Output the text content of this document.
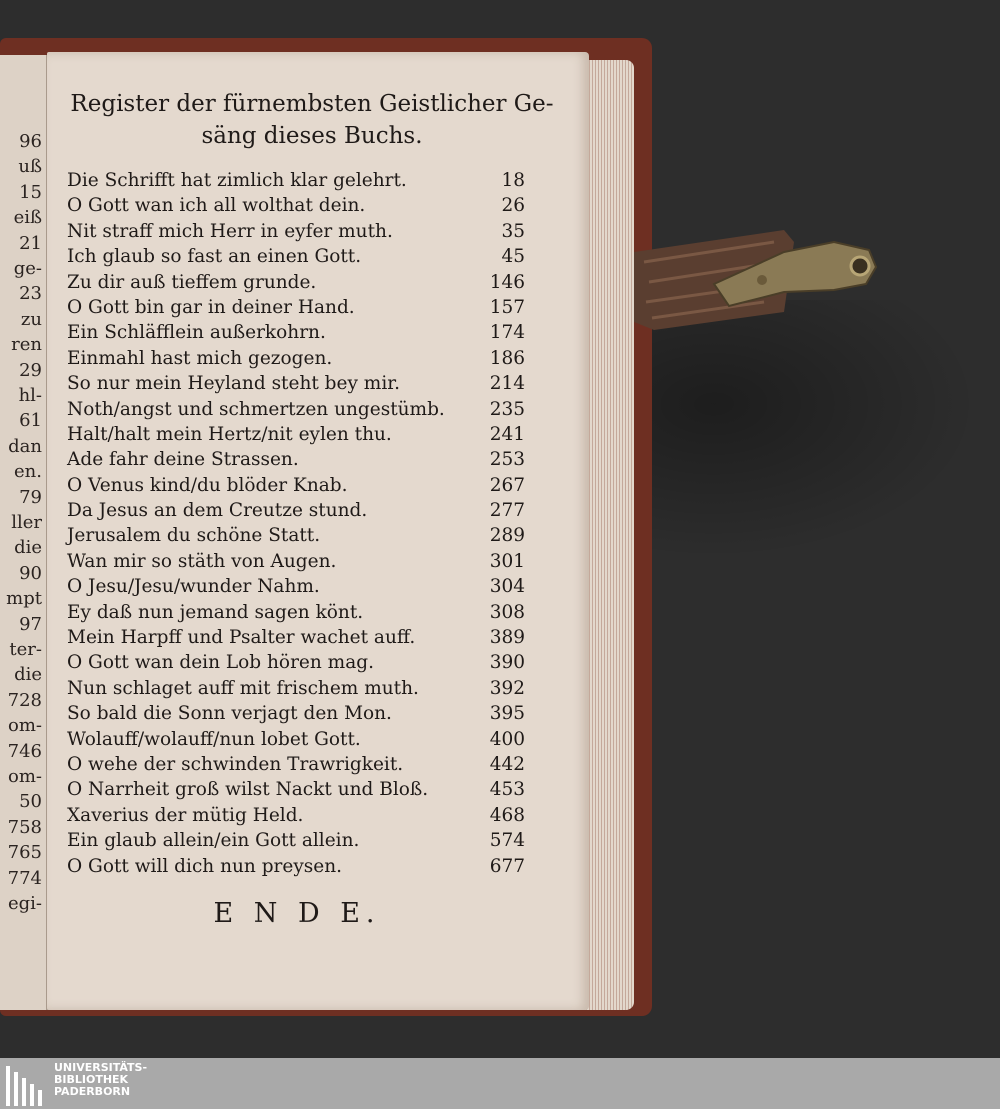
96
uß
15
eiß
21
ge-
23
zu
ren
29
hl-
61
dan
en.
79
ller
die
90
mpt
97
ter-
die
728
om-
746
om-
50
758
765
774
egi-
Register der fürnembsten Geistlicher Ge-
säng dieses Buchs.
Die Schrifft hat zimlich klar gelehrt.	18
O Gott wan ich all wolthat dein.	26
Nit straff mich Herr in eyfer muth.	35
Ich glaub so fast an einen Gott.	45
Zu dir auß tieffem grunde.	146
O Gott bin gar in deiner Hand.	157
Ein Schläfflein außerkohrn.	174
Einmahl hast mich gezogen.	186
So nur mein Heyland steht bey mir.	214
Noth/angst und schmertzen ungestümb.	235
Halt/halt mein Hertz/nit eylen thu.	241
Ade fahr deine Strassen.	253
O Venus kind/du blöder Knab.	267
Da Jesus an dem Creutze stund.	277
Jerusalem du schöne Statt.	289
Wan mir so stäth von Augen.	301
O Jesu/Jesu/wunder Nahm.	304
Ey daß nun jemand sagen könt.	308
Mein Harpff und Psalter wachet auff.	389
O Gott wan dein Lob hören mag.	390
Nun schlaget auff mit frischem muth.	392
So bald die Sonn verjagt den Mon.	395
Wolauff/wolauff/nun lobet Gott.	400
O wehe der schwinden Trawrigkeit.	442
O Narrheit groß wilst Nackt und Bloß.	453
Xaverius der mütig Held.	468
Ein glaub allein/ein Gott allein.	574
O Gott will dich nun preysen.	677
E N D E.
UNIVERSITÄTS-
BIBLIOTHEK
PADERBORN
